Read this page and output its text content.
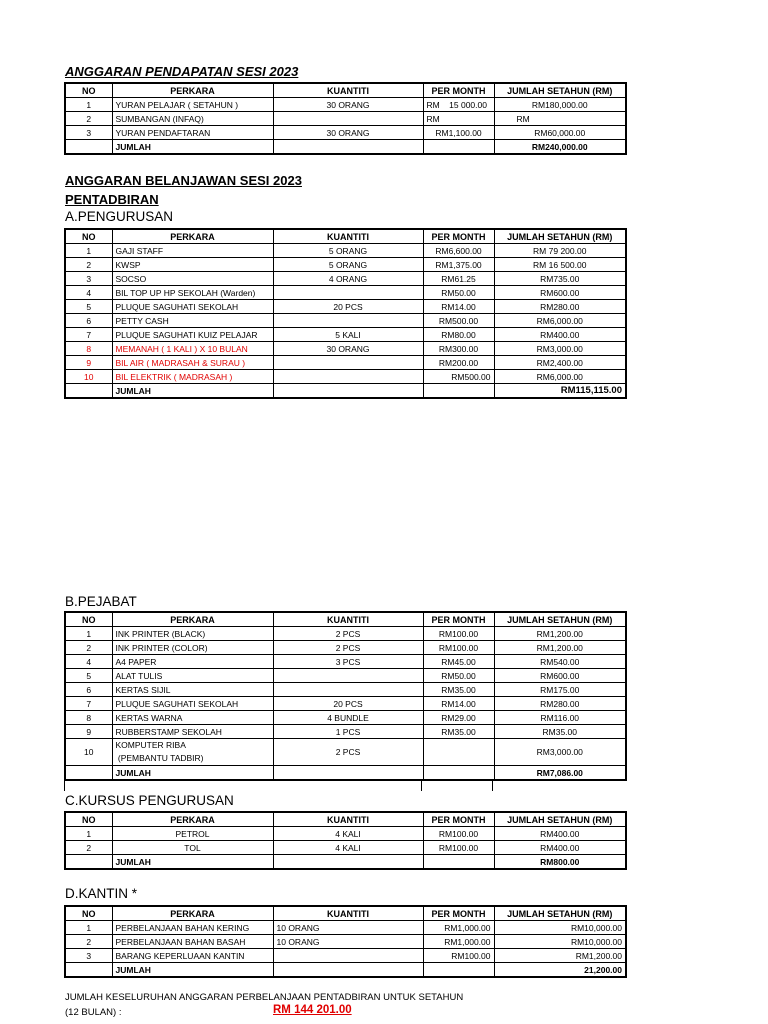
ANGGARAN PENDAPATAN SESI 2023
NO	PERKARA	KUANTITI	PER MONTH	JUMLAH SETAHUN (RM)
1	YURAN PELAJAR ( SETAHUN )	30 ORANG	RM    15 000.00	RM180,000.00
2	SUMBANGAN (INFAQ)		RM	RM
3	YURAN PENDAFTARAN	30 ORANG	RM1,100.00	RM60,000.00
	JUMLAH			RM240,000.00
ANGGARAN BELANJAWAN SESI 2023
PENTADBIRAN
A.PENGURUSAN
NO	PERKARA	KUANTITI	PER MONTH	JUMLAH SETAHUN (RM)
1	GAJI STAFF	5 ORANG	RM6,600.00	RM 79 200.00
2	KWSP	5 ORANG	RM1,375.00	RM 16 500.00
3	SOCSO	4 ORANG	RM61.25	RM735.00
4	BIL TOP UP HP SEKOLAH (Warden)		RM50.00	RM600.00
5	PLUQUE SAGUHATI SEKOLAH	20 PCS	RM14.00	RM280.00
6	PETTY CASH		RM500.00	RM6,000.00
7	PLUQUE SAGUHATI KUIZ PELAJAR	5 KALI	RM80.00	RM400.00
8	MEMANAH ( 1 KALI ) X 10 BULAN	30 ORANG	RM300.00	RM3,000.00
9	BIL AIR ( MADRASAH & SURAU )		RM200.00	RM2,400.00
10	BIL ELEKTRIK ( MADRASAH )		RM500.00	RM6,000.00
	JUMLAH			RM115,115.00
B.PEJABAT
NO	PERKARA	KUANTITI	PER MONTH	JUMLAH SETAHUN (RM)
1	INK PRINTER (BLACK)	2 PCS	RM100.00	RM1,200.00
2	INK PRINTER (COLOR)	2 PCS	RM100.00	RM1,200.00
4	A4 PAPER	3 PCS	RM45.00	RM540.00
5	ALAT TULIS		RM50.00	RM600.00
6	KERTAS SIJIL		RM35.00	RM175.00
7	PLUQUE SAGUHATI SEKOLAH	20 PCS	RM14.00	RM280.00
8	KERTAS WARNA	4 BUNDLE	RM29.00	RM116.00
9	RUBBERSTAMP SEKOLAH	1 PCS	RM35.00	RM35.00
10	KOMPUTER RIBA
(PEMBANTU TADBIR)	2 PCS		RM3,000.00
	JUMLAH			RM7,086.00
C.KURSUS PENGURUSAN
NO	PERKARA	KUANTITI	PER MONTH	JUMLAH SETAHUN (RM)
1	PETROL	4 KALI	RM100.00	RM400.00
2	TOL	4 KALI	RM100.00	RM400.00
	JUMLAH			RM800.00
D.KANTIN *
NO	PERKARA	KUANTITI	PER MONTH	JUMLAH SETAHUN (RM)
1	PERBELANJAAN BAHAN KERING	10 ORANG	RM1,000.00	RM10,000.00
2	PERBELANJAAN BAHAN BASAH	10 ORANG	RM1,000.00	RM10,000.00
3	BARANG KEPERLUAAN KANTIN		RM100.00	RM1,200.00
	JUMLAH			21,200.00
JUMLAH KESELURUHAN ANGGARAN PERBELANJAAN PENTADBIRAN UNTUK SETAHUN
(12 BULAN) :	RM 144 201.00
